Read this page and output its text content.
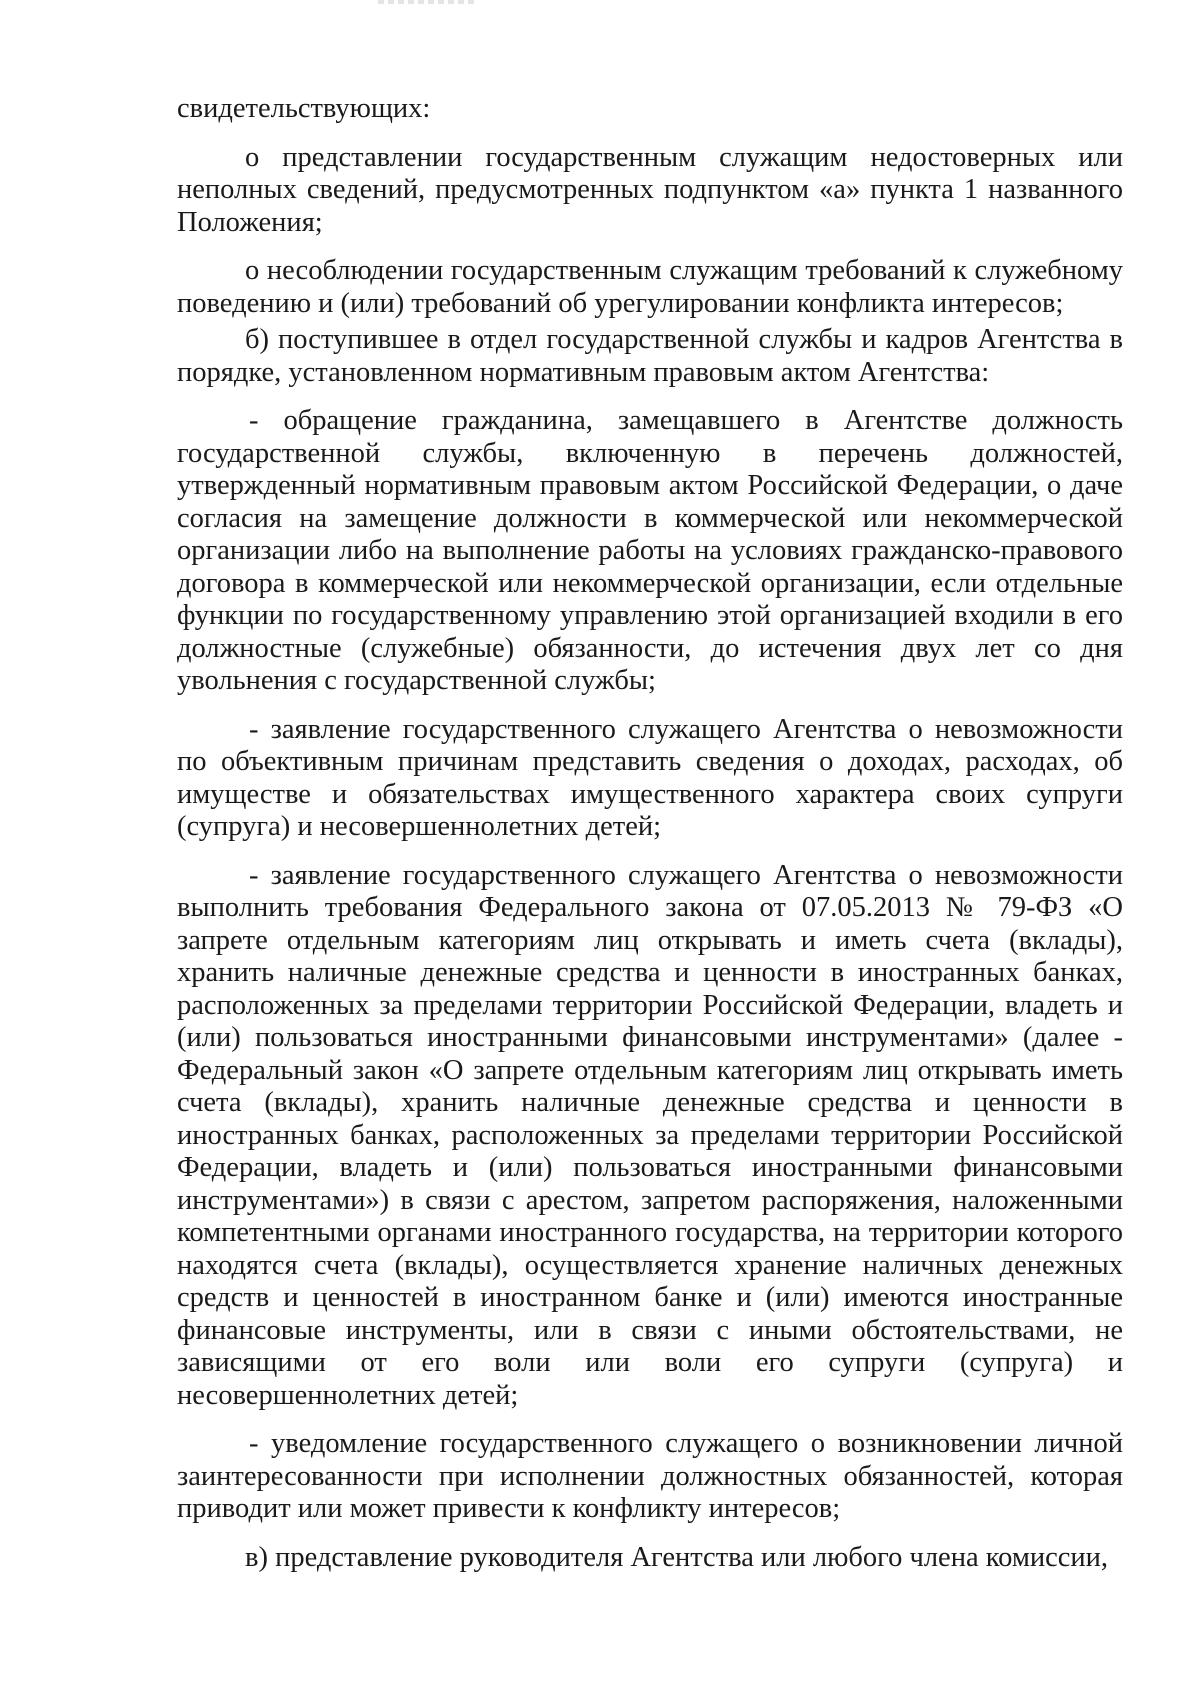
свидетельствующих:

о представлении государственным служащим недостоверных или неполных сведений, предусмотренных подпунктом «а» пункта 1 названного Положения;

о несоблюдении государственным служащим требований к служебному поведению и (или) требований об урегулировании конфликта интересов;

б) поступившее в отдел государственной службы и кадров Агентства в порядке, установленном нормативным правовым актом Агентства:

- обращение гражданина, замещавшего в Агентстве должность государственной службы, включенную в перечень должностей, утвержденный нормативным правовым актом Российской Федерации, о даче согласия на замещение должности в коммерческой или некоммерческой организации либо на выполнение работы на условиях гражданско-правового договора в коммерческой или некоммерческой организации, если отдельные функции по государственному управлению этой организацией входили в его должностные (служебные) обязанности, до истечения двух лет со дня увольнения с государственной службы;

- заявление государственного служащего Агентства о невозможности по объективным причинам представить сведения о доходах, расходах, об имуществе и обязательствах имущественного характера своих супруги (супруга) и несовершеннолетних детей;

- заявление государственного служащего Агентства о невозможности выполнить требования Федерального закона от 07.05.2013 № 79-ФЗ «О запрете отдельным категориям лиц открывать и иметь счета (вклады), хранить наличные денежные средства и ценности в иностранных банках, расположенных за пределами территории Российской Федерации, владеть и (или) пользоваться иностранными финансовыми инструментами» (далее - Федеральный закон «О запрете отдельным категориям лиц открывать иметь счета (вклады), хранить наличные денежные средства и ценности в иностранных банках, расположенных за пределами территории Российской Федерации, владеть и (или) пользоваться иностранными финансовыми инструментами») в связи с арестом, запретом распоряжения, наложенными компетентными органами иностранного государства, на территории которого находятся счета (вклады), осуществляется хранение наличных денежных средств и ценностей в иностранном банке и (или) имеются иностранные финансовые инструменты, или в связи с иными обстоятельствами, не зависящими от его воли или воли его супруги (супруга) и несовершеннолетних детей;

- уведомление государственного служащего о возникновении личной заинтересованности при исполнении должностных обязанностей, которая приводит или может привести к конфликту интересов;

в) представление руководителя Агентства или любого члена комиссии,
